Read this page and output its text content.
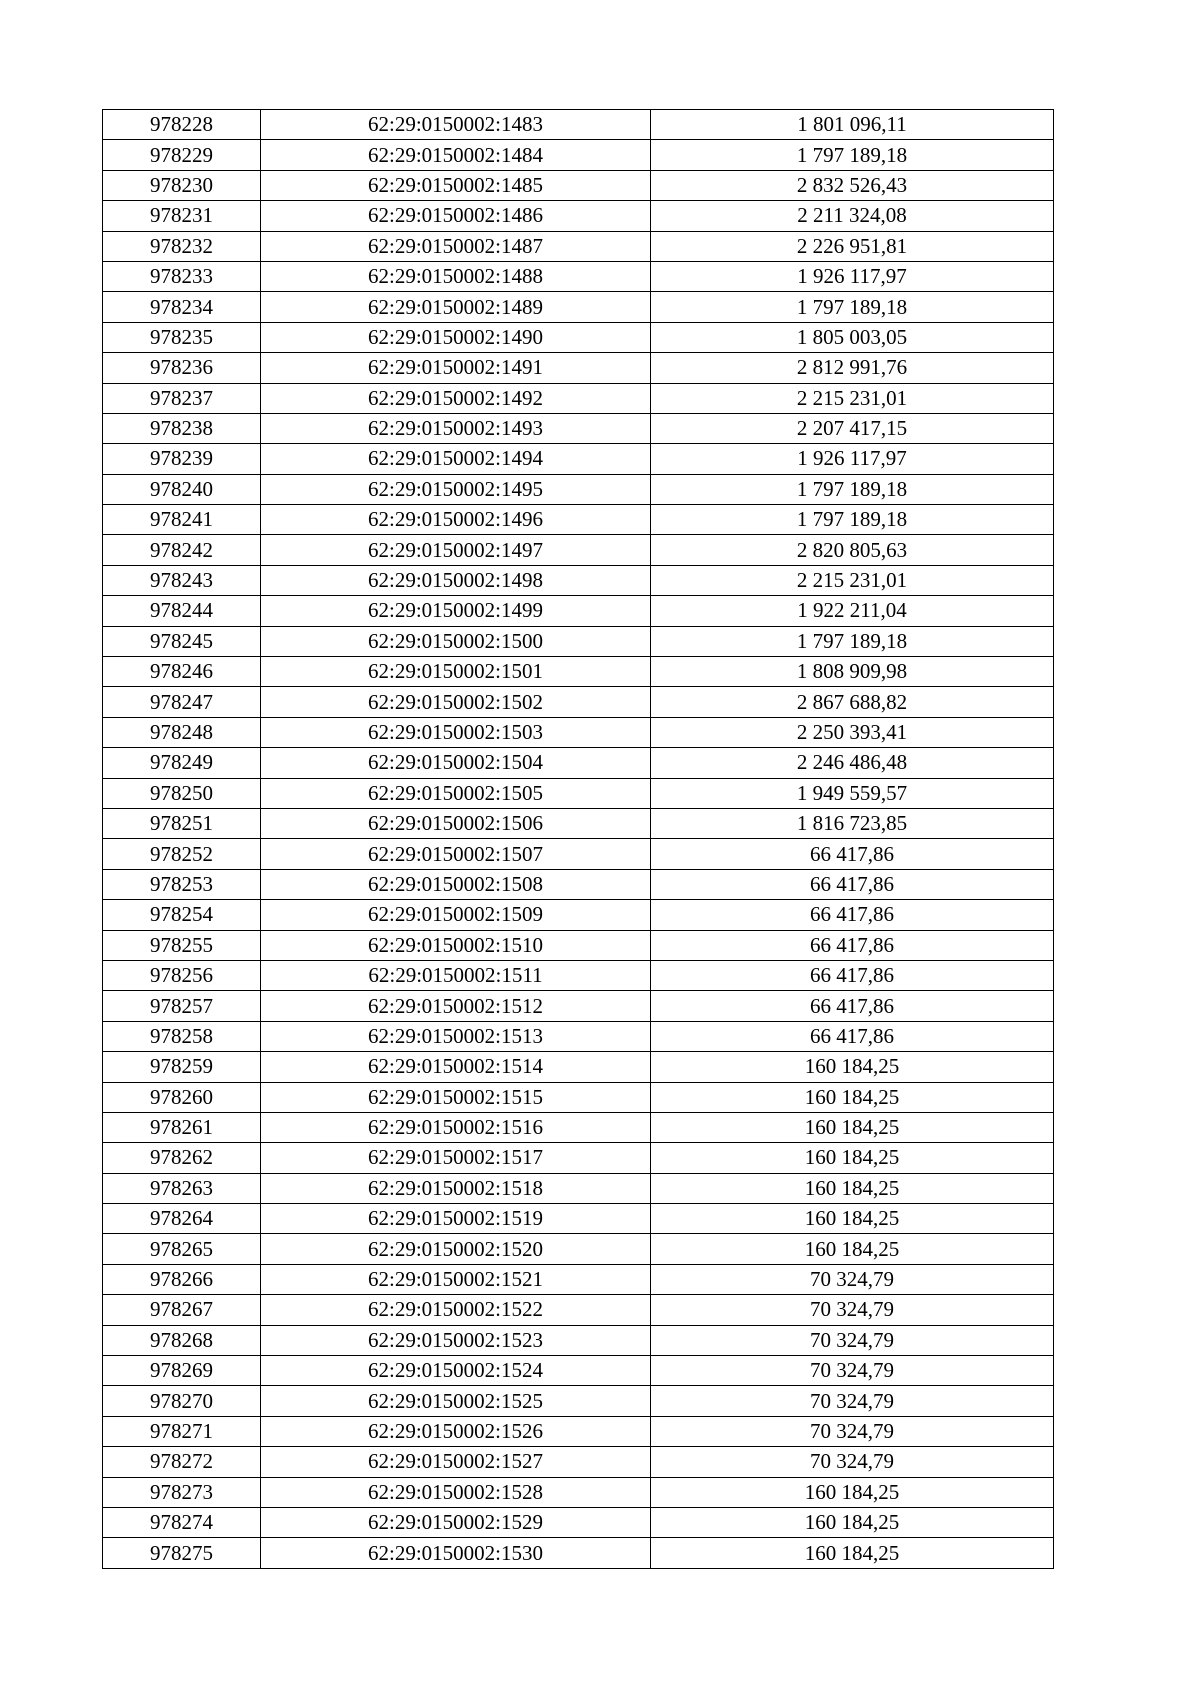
978228	62:29:0150002:1483	1 801 096,11
978229	62:29:0150002:1484	1 797 189,18
978230	62:29:0150002:1485	2 832 526,43
978231	62:29:0150002:1486	2 211 324,08
978232	62:29:0150002:1487	2 226 951,81
978233	62:29:0150002:1488	1 926 117,97
978234	62:29:0150002:1489	1 797 189,18
978235	62:29:0150002:1490	1 805 003,05
978236	62:29:0150002:1491	2 812 991,76
978237	62:29:0150002:1492	2 215 231,01
978238	62:29:0150002:1493	2 207 417,15
978239	62:29:0150002:1494	1 926 117,97
978240	62:29:0150002:1495	1 797 189,18
978241	62:29:0150002:1496	1 797 189,18
978242	62:29:0150002:1497	2 820 805,63
978243	62:29:0150002:1498	2 215 231,01
978244	62:29:0150002:1499	1 922 211,04
978245	62:29:0150002:1500	1 797 189,18
978246	62:29:0150002:1501	1 808 909,98
978247	62:29:0150002:1502	2 867 688,82
978248	62:29:0150002:1503	2 250 393,41
978249	62:29:0150002:1504	2 246 486,48
978250	62:29:0150002:1505	1 949 559,57
978251	62:29:0150002:1506	1 816 723,85
978252	62:29:0150002:1507	66 417,86
978253	62:29:0150002:1508	66 417,86
978254	62:29:0150002:1509	66 417,86
978255	62:29:0150002:1510	66 417,86
978256	62:29:0150002:1511	66 417,86
978257	62:29:0150002:1512	66 417,86
978258	62:29:0150002:1513	66 417,86
978259	62:29:0150002:1514	160 184,25
978260	62:29:0150002:1515	160 184,25
978261	62:29:0150002:1516	160 184,25
978262	62:29:0150002:1517	160 184,25
978263	62:29:0150002:1518	160 184,25
978264	62:29:0150002:1519	160 184,25
978265	62:29:0150002:1520	160 184,25
978266	62:29:0150002:1521	70 324,79
978267	62:29:0150002:1522	70 324,79
978268	62:29:0150002:1523	70 324,79
978269	62:29:0150002:1524	70 324,79
978270	62:29:0150002:1525	70 324,79
978271	62:29:0150002:1526	70 324,79
978272	62:29:0150002:1527	70 324,79
978273	62:29:0150002:1528	160 184,25
978274	62:29:0150002:1529	160 184,25
978275	62:29:0150002:1530	160 184,25
